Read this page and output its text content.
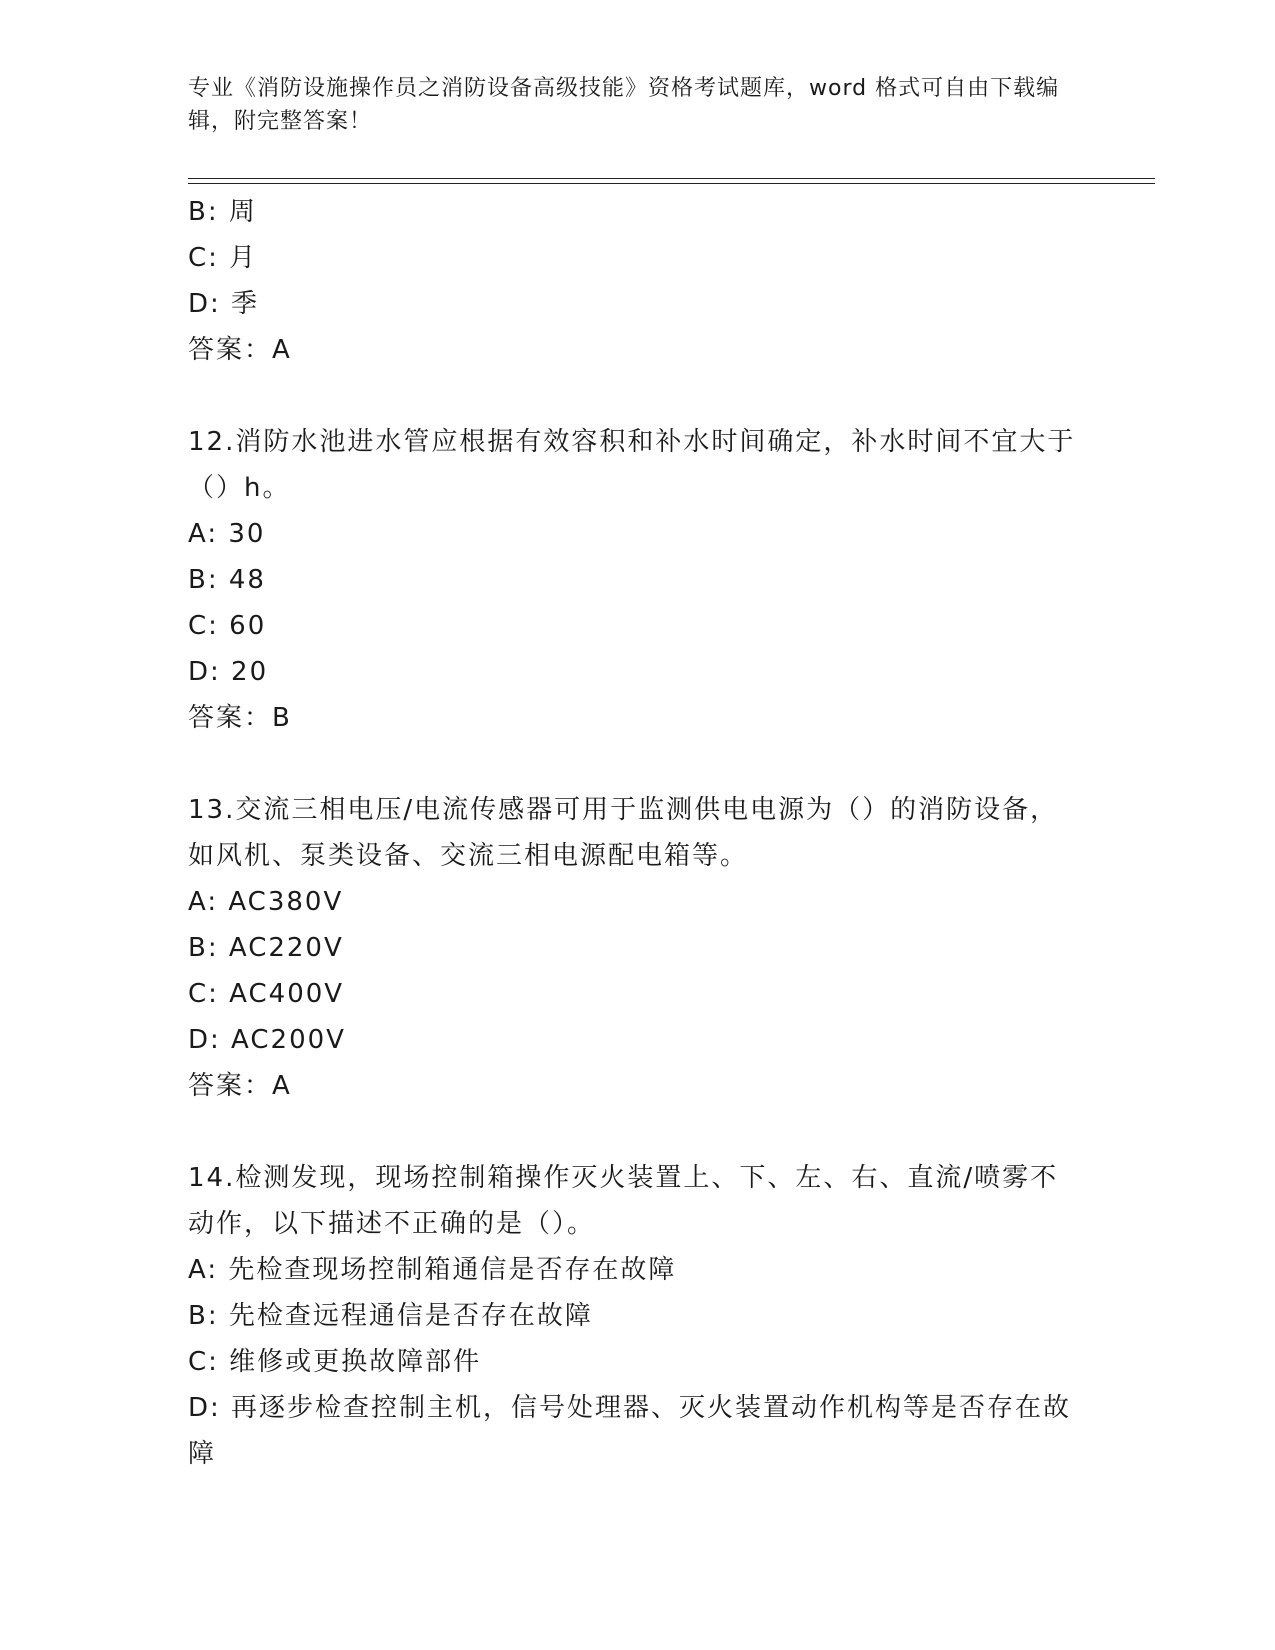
专业《消防设施操作员之消防设备高级技能》资格考试题库，word 格式可自由下载编辑，附完整答案！
B: 周
C: 月
D: 季
答案：A
12.消防水池进水管应根据有效容积和补水时间确定，补水时间不宜大于（）h。
A: 30
B: 48
C: 60
D: 20
答案：B
13.交流三相电压/电流传感器可用于监测供电电源为（）的消防设备，如风机、泵类设备、交流三相电源配电箱等。
A: AC380V
B: AC220V
C: AC400V
D: AC200V
答案：A
14.检测发现，现场控制箱操作灭火装置上、下、左、右、直流/喷雾不动作，以下描述不正确的是（）。
A: 先检查现场控制箱通信是否存在故障
B: 先检查远程通信是否存在故障
C: 维修或更换故障部件
D: 再逐步检查控制主机，信号处理器、灭火装置动作机构等是否存在故障
